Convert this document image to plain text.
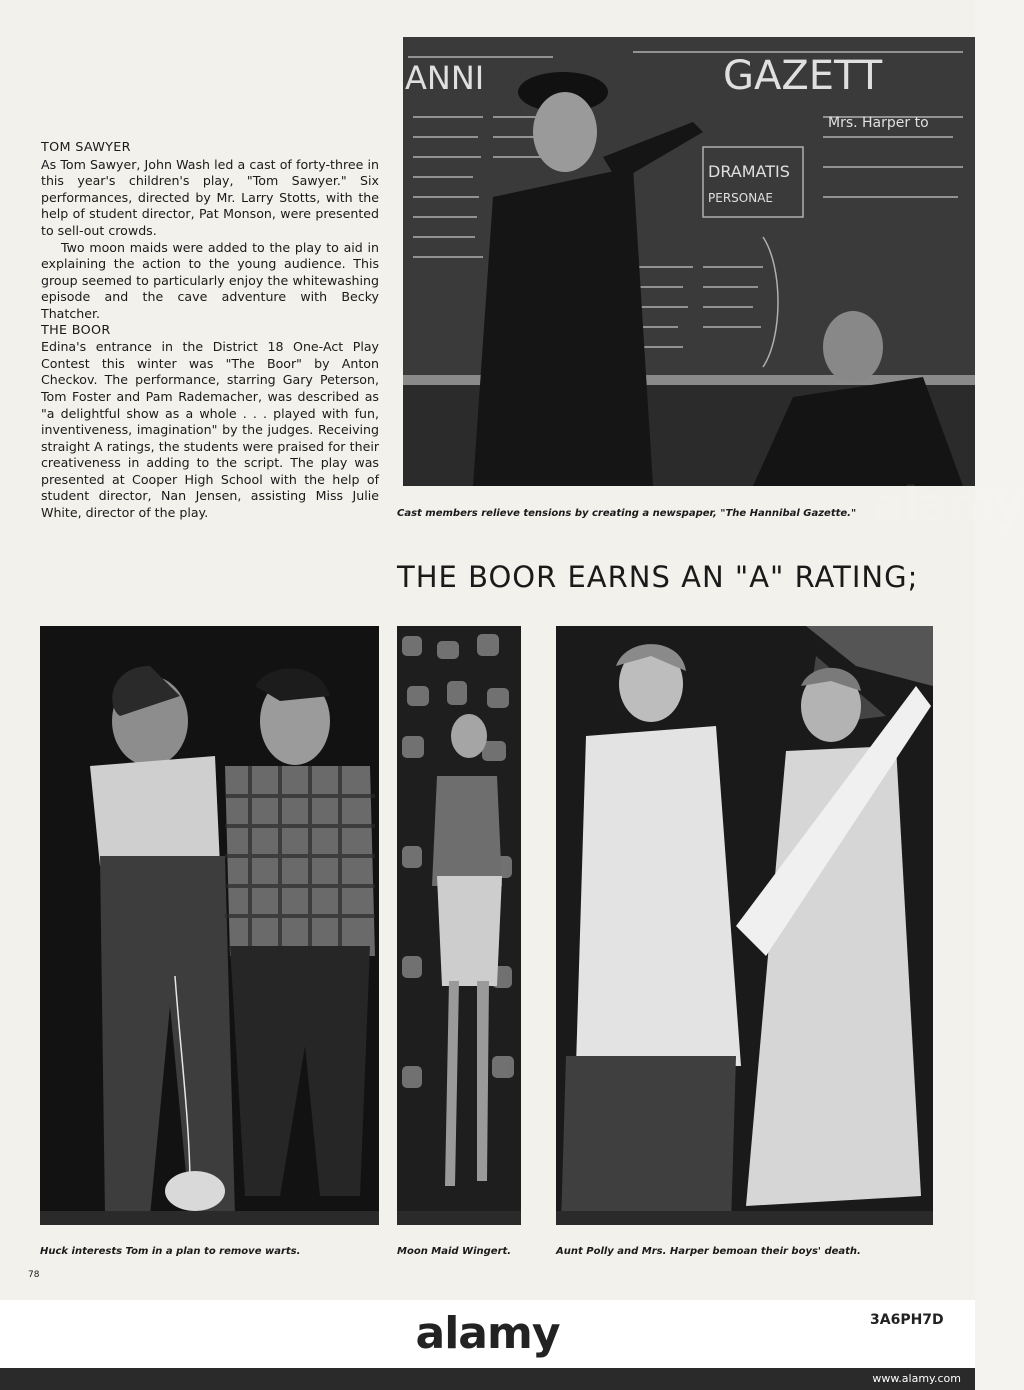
GAZETT
ANNI
Mrs. Harper to
DRAMATIS
PERSONAE
alamy

TOM SAWYER

As Tom Sawyer, John Wash led a cast of forty-three in this year's children's play, "Tom Sawyer." Six performances, directed by Mr. Larry Stotts, with the help of student director, Pat Monson, were presented to sell-out crowds.

Two moon maids were added to the play to aid in explaining the action to the young audience. This group seemed to particularly enjoy the whitewashing episode and the cave adventure with Becky Thatcher.

THE BOOR

Edina's entrance in the District 18 One-Act Play Contest this winter was "The Boor" by Anton Checkov. The performance, starring Gary Peterson, Tom Foster and Pam Rademacher, was described as "a delightful show as a whole . . . played with fun, inventiveness, imagination" by the judges. Receiving straight A ratings, the students were praised for their creativeness in adding to the script. The play was presented at Cooper High School with the help of student director, Nan Jensen, assisting Miss Julie White, director of the play.	Cast members relieve tensions by creating a newspaper, "The Hannibal Gazette."
THE BOOR EARNS AN "A" RATING;
Huck interests Tom in a plan to remove warts.	Moon Maid Wingert.	Aunt Polly and Mrs. Harper bemoan their boys' death.
78
alamy	3A6PH7D
www.alamy.com
